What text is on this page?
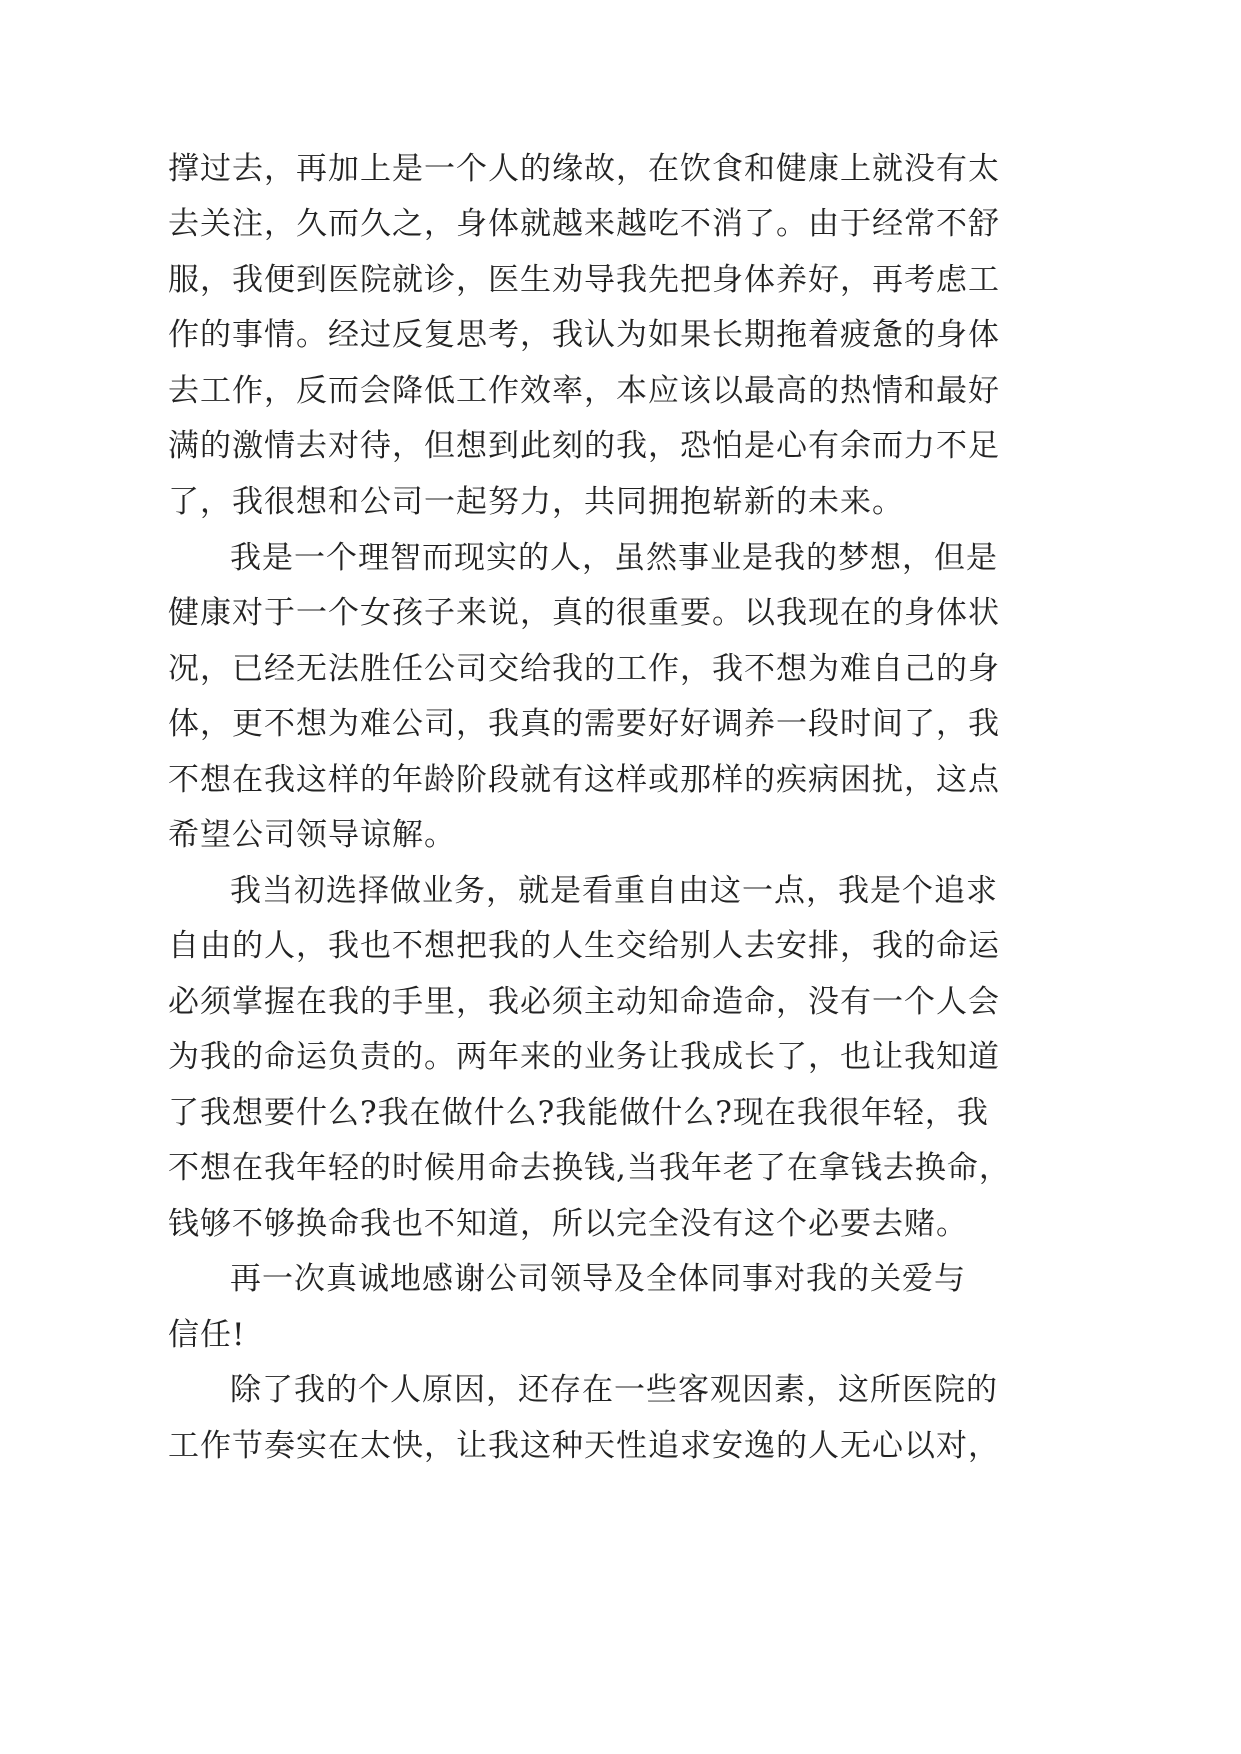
撑过去，再加上是一个人的缘故，在饮食和健康上就没有太
去关注，久而久之，身体就越来越吃不消了。由于经常不舒
服，我便到医院就诊，医生劝导我先把身体养好，再考虑工
作的事情。经过反复思考，我认为如果长期拖着疲惫的身体
去工作，反而会降低工作效率，本应该以最高的热情和最好
满的激情去对待，但想到此刻的我，恐怕是心有余而力不足
了，我很想和公司一起努力，共同拥抱崭新的未来。
我是一个理智而现实的人，虽然事业是我的梦想，但是
健康对于一个女孩子来说，真的很重要。以我现在的身体状
况，已经无法胜任公司交给我的工作，我不想为难自己的身
体，更不想为难公司，我真的需要好好调养一段时间了，我
不想在我这样的年龄阶段就有这样或那样的疾病困扰，这点
希望公司领导谅解。
我当初选择做业务，就是看重自由这一点，我是个追求
自由的人，我也不想把我的人生交给别人去安排，我的命运
必须掌握在我的手里，我必须主动知命造命，没有一个人会
为我的命运负责的。两年来的业务让我成长了，也让我知道
了我想要什么?我在做什么?我能做什么?现在我很年轻，我
不想在我年轻的时候用命去换钱,当我年老了在拿钱去换命，
钱够不够换命我也不知道，所以完全没有这个必要去赌。
再一次真诚地感谢公司领导及全体同事对我的关爱与
信任!
除了我的个人原因，还存在一些客观因素，这所医院的
工作节奏实在太快，让我这种天性追求安逸的人无心以对，
